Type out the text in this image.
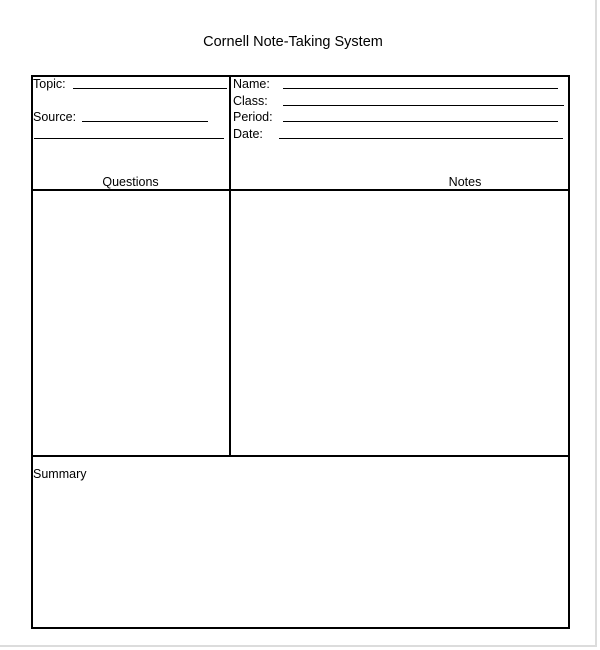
Cornell Note-Taking System
Topic:
Source:
Questions
Name:
Class:
Period:
Date:
Notes
Summary
